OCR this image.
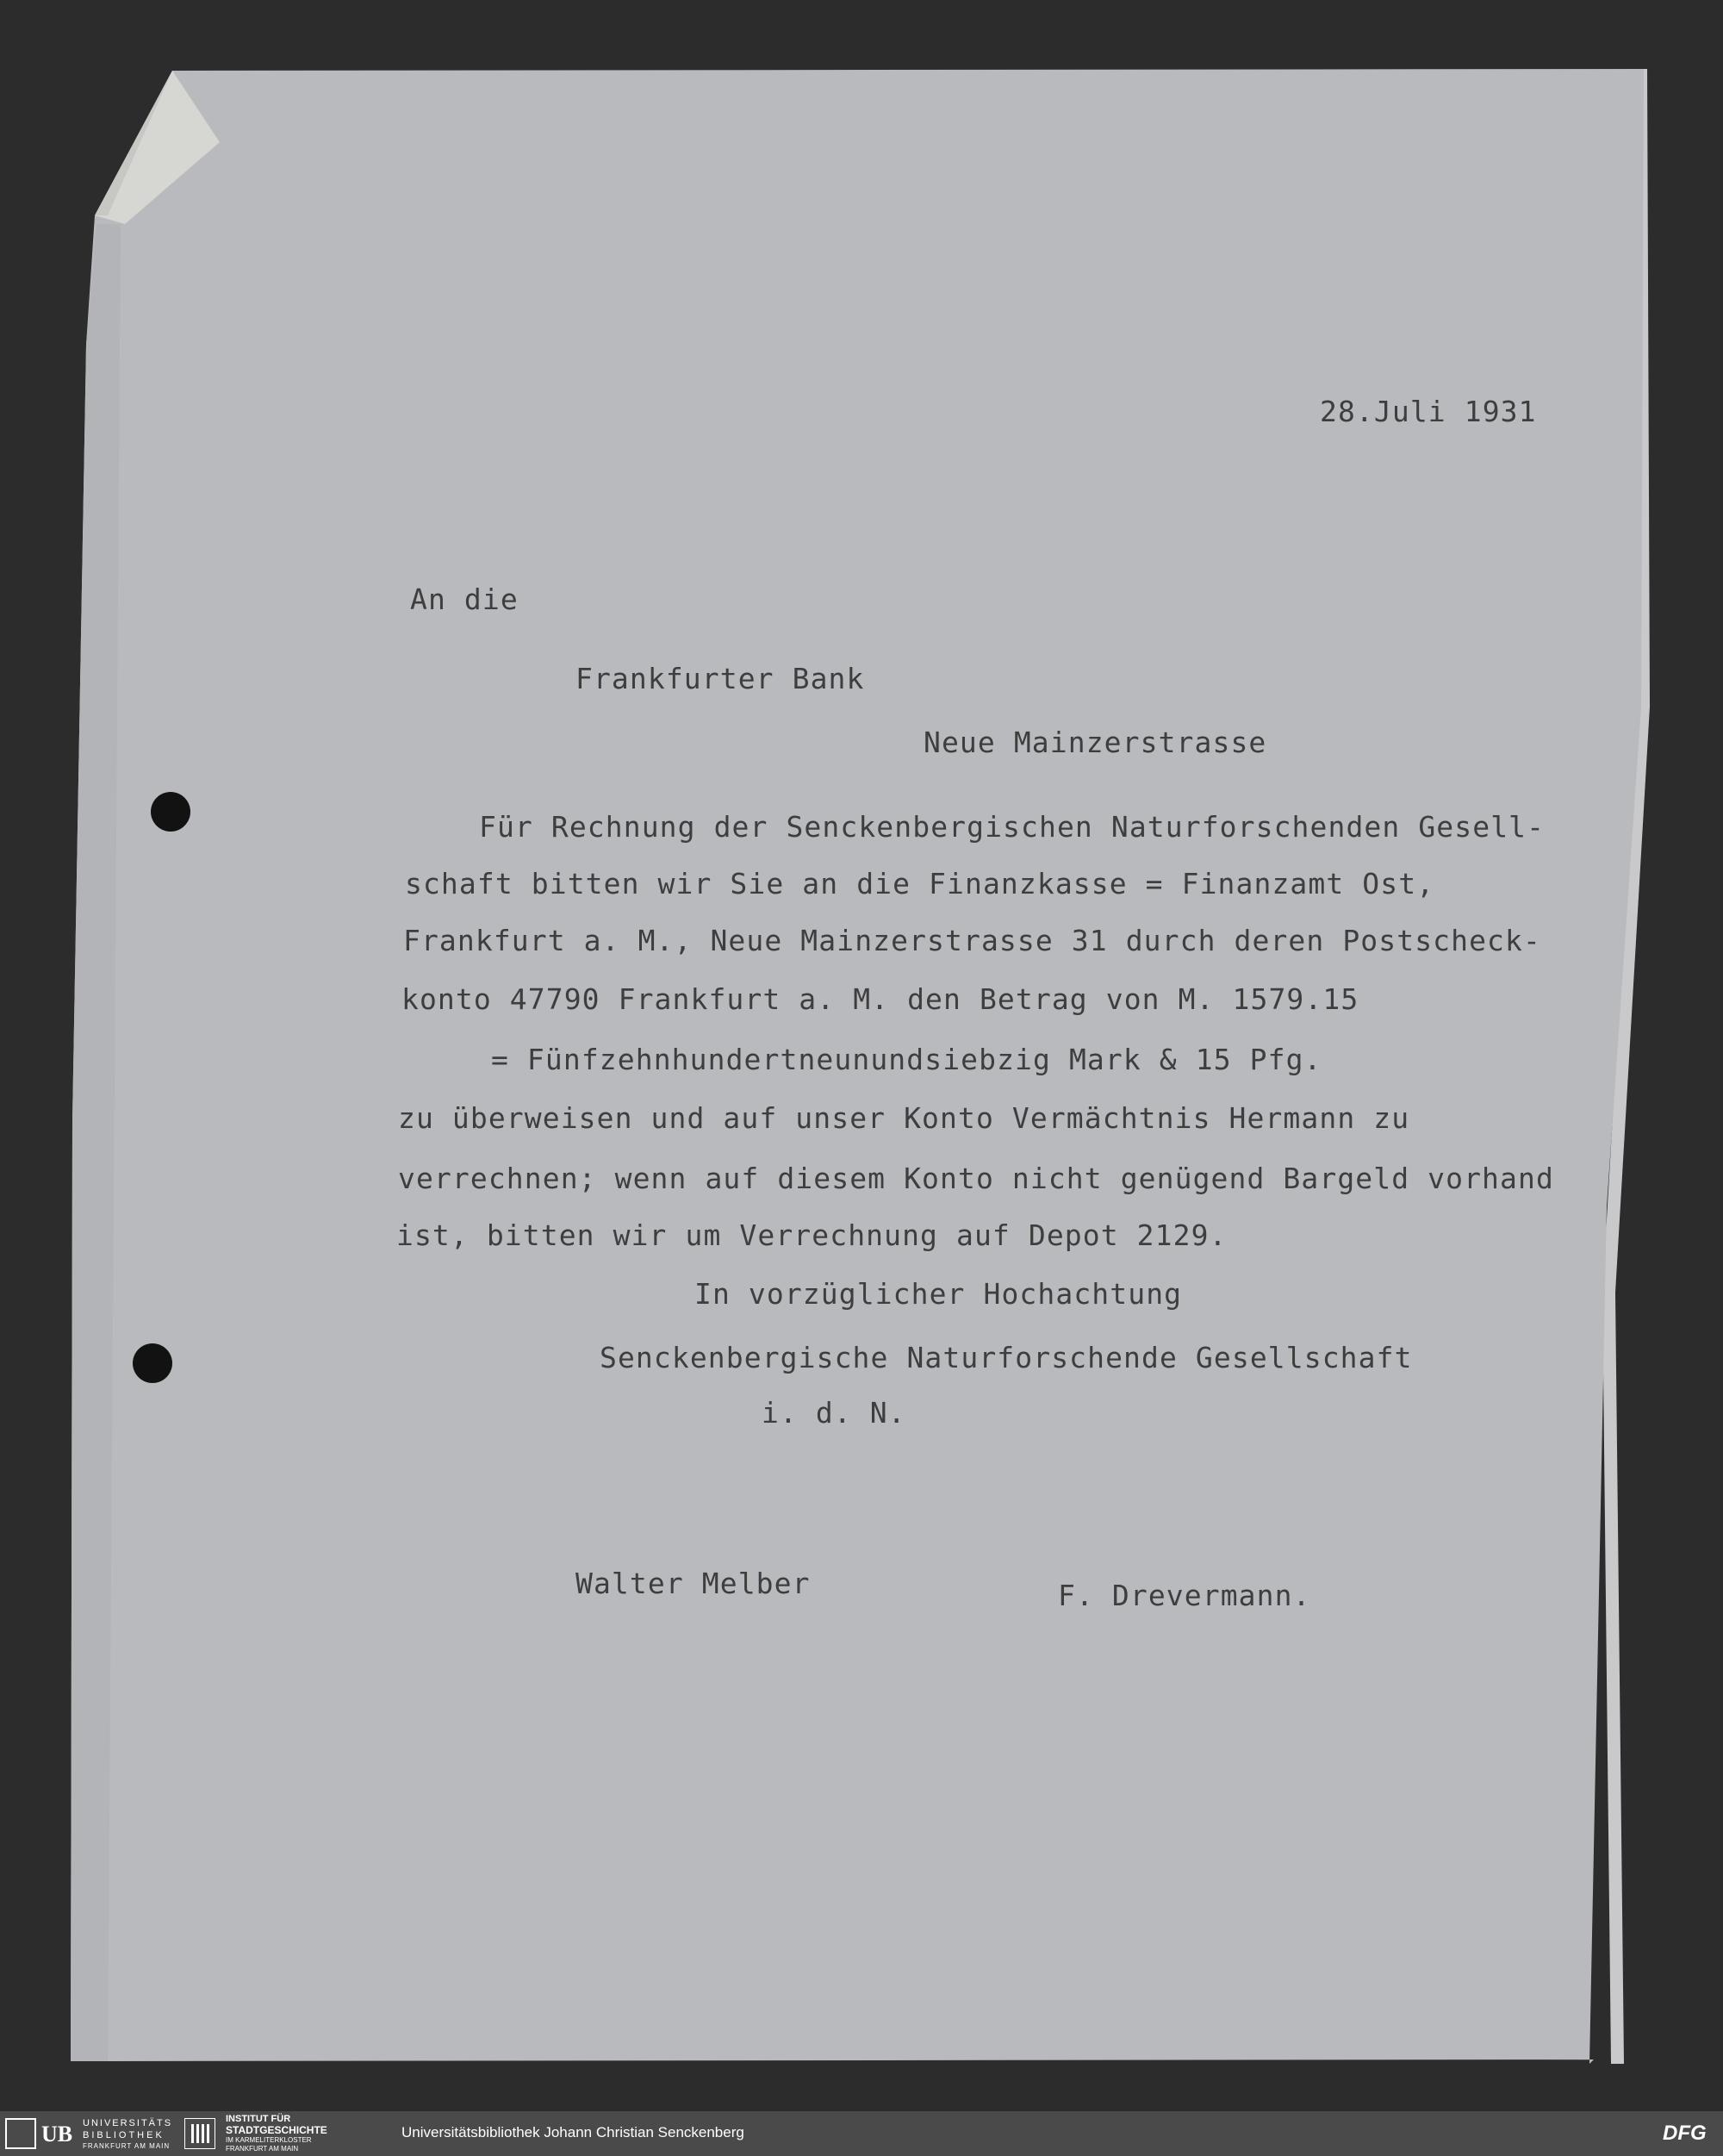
28.Juli 1931
An die
Frankfurter Bank
Neue Mainzerstrasse
Für Rechnung der Senckenbergischen Naturforschenden Gesell-
schaft bitten wir Sie an die Finanzkasse = Finanzamt Ost,
Frankfurt a. M., Neue Mainzerstrasse 31 durch deren Postscheck-
konto 47790 Frankfurt a. M. den Betrag von M. 1579.15
= Fünfzehnhundertneunundsiebzig Mark & 15 Pfg.
zu überweisen und auf unser Konto Vermächtnis Hermann zu
verrechnen; wenn auf diesem Konto nicht genügend Bargeld vorhand
ist, bitten wir um Verrechnung auf Depot 2129.
In vorzüglicher Hochachtung
Senckenbergische Naturforschende Gesellschaft
i. d. N.
Walter Melber	F. Drevermann.
UB UNIVERSITÄTS
BIBLIOTHEK
FRANKFURT AM MAIN
INSTITUT FÜR
STADTGESCHICHTE
IM KARMELITERKLOSTER
FRANKFURT AM MAIN
Universitätsbibliothek Johann Christian Senckenberg	DFG
